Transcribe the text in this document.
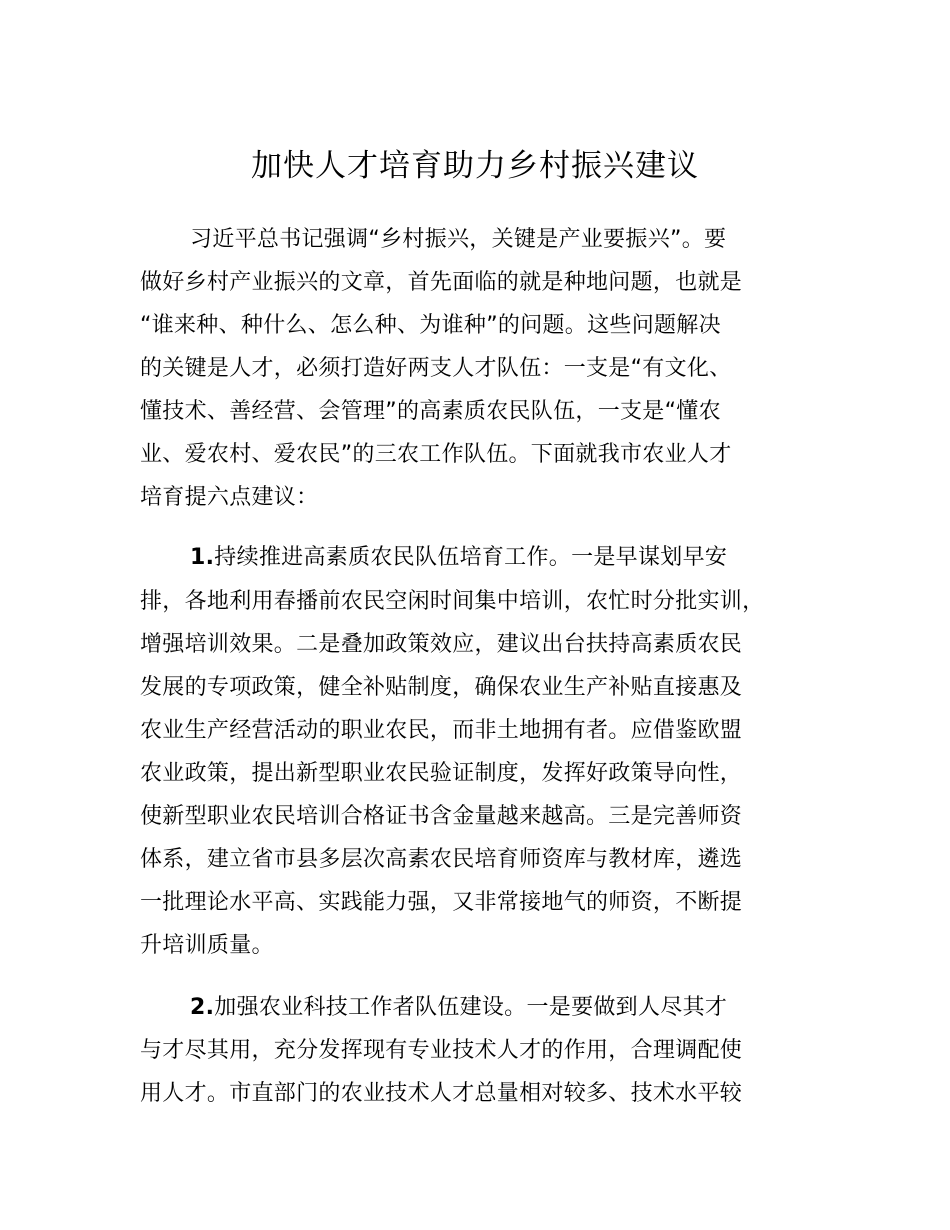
加快人才培育助力乡村振兴建议
习近平总书记强调“乡村振兴，关键是产业要振兴”。要
做好乡村产业振兴的文章，首先面临的就是种地问题，也就是
“谁来种、种什么、怎么种、为谁种”的问题。这些问题解决
的关键是人才，必须打造好两支人才队伍：一支是“有文化、
懂技术、善经营、会管理”的高素质农民队伍，一支是“懂农
业、爱农村、爱农民”的三农工作队伍。下面就我市农业人才
培育提六点建议：
1.持续推进高素质农民队伍培育工作。一是早谋划早安
排，各地利用春播前农民空闲时间集中培训，农忙时分批实训，
增强培训效果。二是叠加政策效应，建议出台扶持高素质农民
发展的专项政策，健全补贴制度，确保农业生产补贴直接惠及
农业生产经营活动的职业农民，而非土地拥有者。应借鉴欧盟
农业政策，提出新型职业农民验证制度，发挥好政策导向性，
使新型职业农民培训合格证书含金量越来越高。三是完善师资
体系，建立省市县多层次高素农民培育师资库与教材库，遴选
一批理论水平高、实践能力强，又非常接地气的师资，不断提
升培训质量。
2.加强农业科技工作者队伍建设。一是要做到人尽其才
与才尽其用，充分发挥现有专业技术人才的作用，合理调配使
用人才。市直部门的农业技术人才总量相对较多、技术水平较
